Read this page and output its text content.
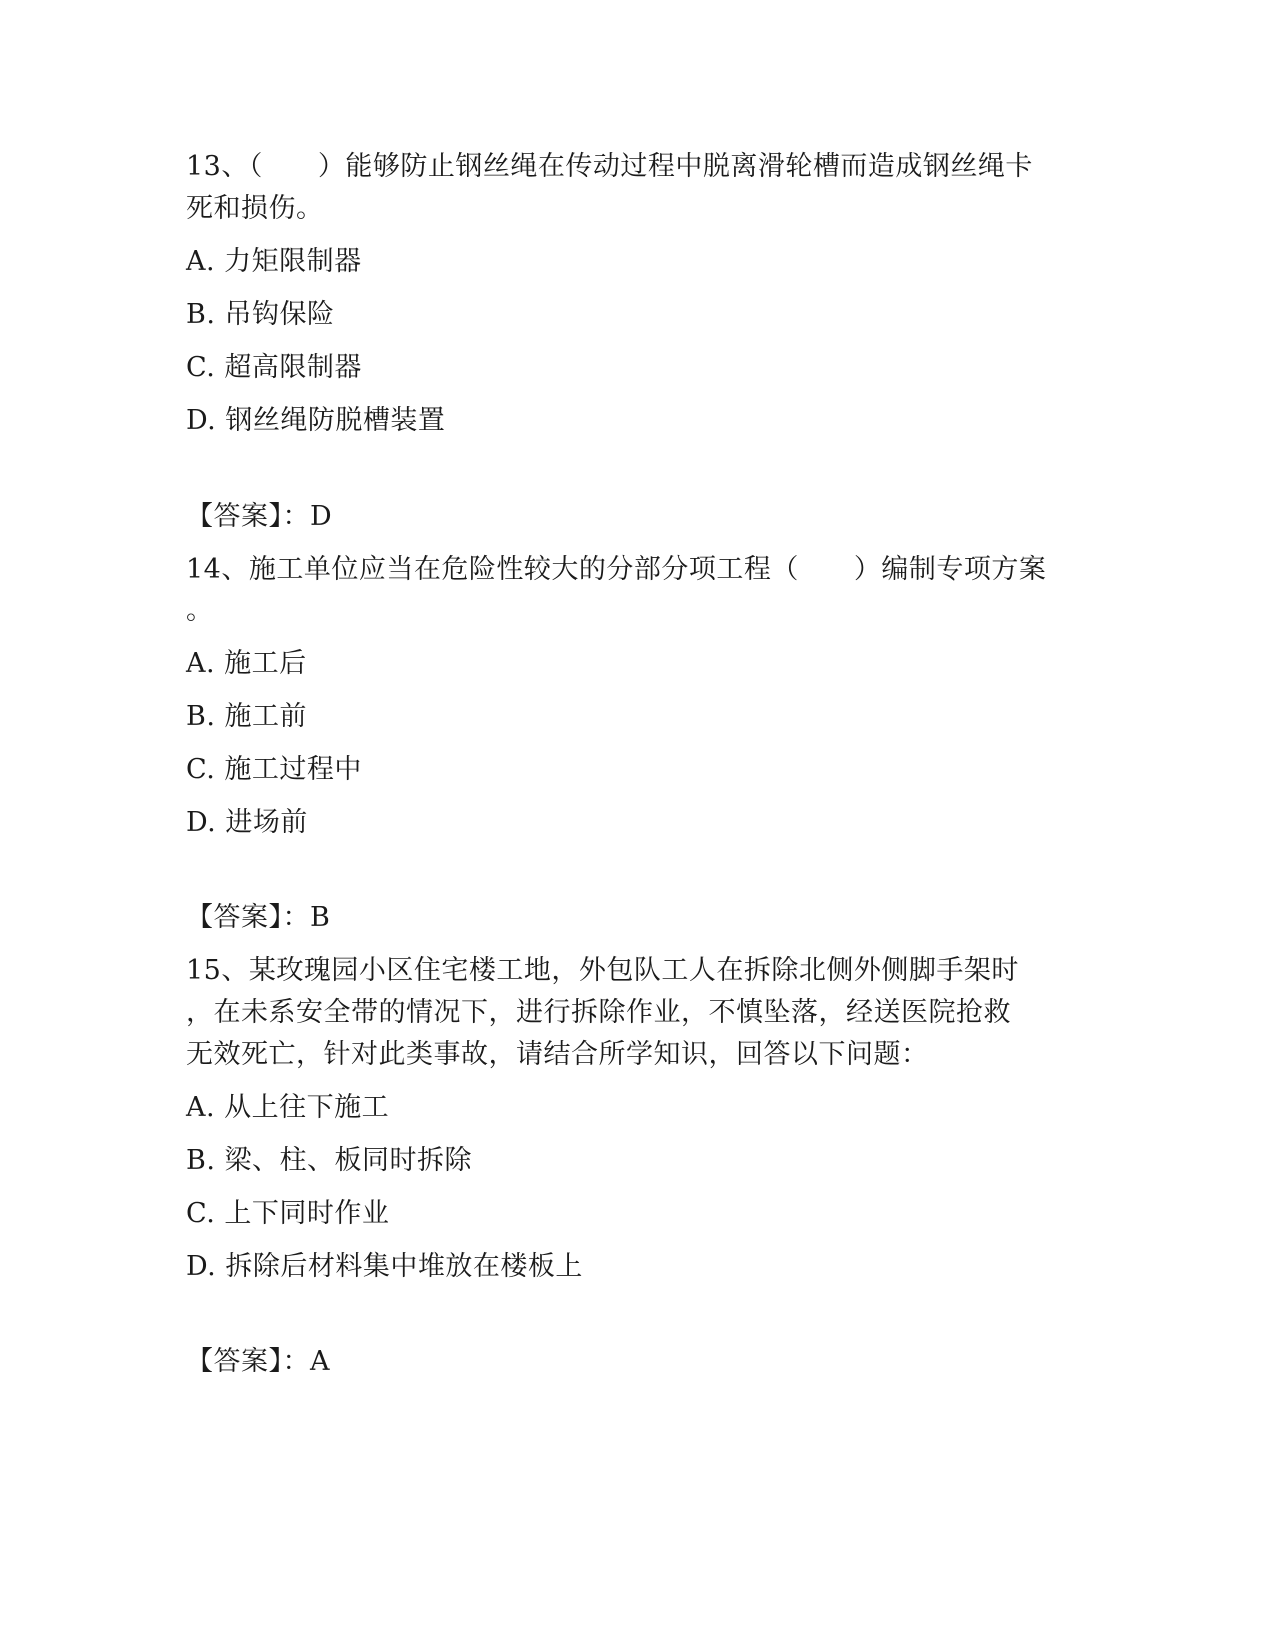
13、（　　）能够防止钢丝绳在传动过程中脱离滑轮槽而造成钢丝绳卡
死和损伤。
A. 力矩限制器
B. 吊钩保险
C. 超高限制器
D. 钢丝绳防脱槽装置
【答案】：D
14、施工单位应当在危险性较大的分部分项工程（　　）编制专项方案
。
A. 施工后
B. 施工前
C. 施工过程中
D. 进场前
【答案】：B
15、某玫瑰园小区住宅楼工地，外包队工人在拆除北侧外侧脚手架时
，在未系安全带的情况下，进行拆除作业，不慎坠落，经送医院抢救
无效死亡，针对此类事故，请结合所学知识，回答以下问题：
A. 从上往下施工
B. 梁、柱、板同时拆除
C. 上下同时作业
D. 拆除后材料集中堆放在楼板上
【答案】：A
